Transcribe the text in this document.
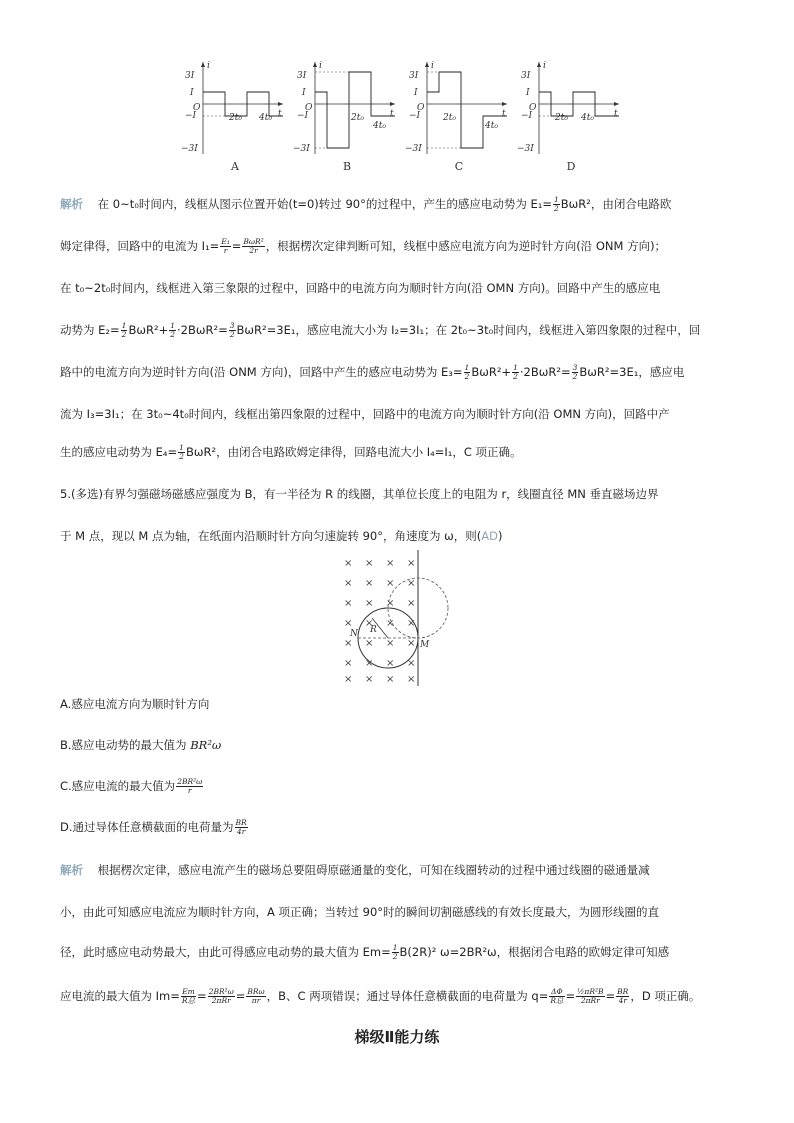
i
t
O
3I
I
−I
−3I
2t₀ 4t₀
A
i
t
O
3I
I
−I
−3I
2t₀
4t₀
B
i
t
O
3I
I
−I
−3I
2t₀
4t₀
C
i
t
O
3I
I
−I
−3I
2t₀ 4t₀
D
解析 在 0~t₀时间内，线框从图示位置开始(t=0)转过 90°的过程中，产生的感应电动势为 $E_1= \frac{1}{2} B\omega R^2$，由闭合电路欧
姆定律得，回路中的电流为 $I_1= \frac{\text{E₁}}{r} = \frac{\text{BωR²}}{2r}$ ，根据楞次定律判断可知，线框中感应电流方向为逆时针方向(沿 ONM 方向)；
在 t₀~2t₀时间内，线框进入第三象限的过程中，回路中的电流方向为顺时针方向(沿 OMN 方向)。回路中产生的感应电
动势为 $E_2= \frac{1}{2} B\omega R^2+ \frac{1}{2} \cdot 2B\omega R^2= \frac{3}{2} B\omega R^2=3E_1$，感应电流大小为 I₂=3I₁；在 2t₀~3t₀时间内，线框进入第四象限的过程中，回
路中的电流方向为逆时针方向(沿 ONM 方向)，回路中产生的感应电动势为 $E_3= \frac{1}{2} B\omega R^2+ \frac{1}{2} \cdot 2B\omega R^2= \frac{3}{2} B\omega R^2=3E_1$，感应电
流为 I₃=3I₁；在 3t₀~4t₀时间内，线框出第四象限的过程中，回路中的电流方向为顺时针方向(沿 OMN 方向)，回路中产
生的感应电动势为 $E_4= \frac{1}{2} B\omega R^2$，由闭合电路欧姆定律得，回路电流大小 I₄=I₁，C 项正确。
5.(多选)有界匀强磁场磁感应强度为 B，有一半径为 R 的线圈，其单位长度上的电阻为 r，线圈直径 MN 垂直磁场边界
于 M 点，现以 M 点为轴，在纸面内沿顺时针方向匀速旋转 90°，角速度为 ω，则(AD)
× × × ×
× × × ×
× × × ×
× × × ×
× × × ×
× × × ×
× × × ×
N R
M
A.感应电流方向为顺时针方向
B.感应电动势的最大值为 BR²ω
C.感应电流的最大值为 $\frac{\text{2BR²ω}}{r}$
D.通过导体任意横截面的电荷量为 $\frac{BR}{4r}$
解析 根据楞次定律，感应电流产生的磁场总要阻碍原磁通量的变化，可知在线圈转动的过程中通过线圈的磁通量减
小，由此可知感应电流应为顺时针方向，A 项正确；当转过 90°时的瞬间切割磁感线的有效长度最大，为圆形线圈的直
径，此时感应电动势最大，由此可得感应电动势的最大值为 $Em= \frac{1}{2} B(2R)^2$ ω=2BR²ω，根据闭合电路的欧姆定律可知感
应电流的最大值为 $Im= \frac{Em}{\text{R总}} = \frac{\text{2BR²ω}}{\text{2πRr}} = \frac{\text{BRω}}{\pi r}$ ，B、C 两项错误；通过导体任意横截面的电荷量为 $q= \frac{\Delta\Phi}{\text{R总}} = \frac{\text{½πR²B}}{\text{2πRr}} = \frac{BR}{4r}$ ，D 项正确。
梯级Ⅱ能力练
